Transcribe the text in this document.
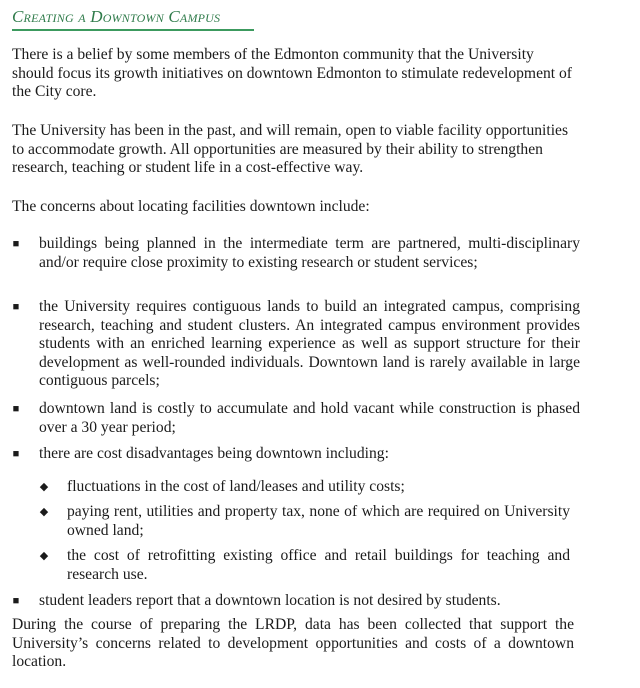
Creating a Downtown Campus

There is a belief by some members of the Edmonton community that the University should focus its growth initiatives on downtown Edmonton to stimulate redevelopment of the City core.

The University has been in the past, and will remain, open to viable facility opportunities to accommodate growth. All opportunities are measured by their ability to strengthen research, teaching or student life in a cost-effective way.

The concerns about locating facilities downtown include:

■ buildings being planned in the intermediate term are partnered, multi-disciplinary and/or require close proximity to existing research or student services;
■ the University requires contiguous lands to build an integrated campus, comprising research, teaching and student clusters. An integrated campus environment provides students with an enriched learning experience as well as support structure for their development as well-rounded individuals. Downtown land is rarely available in large contiguous parcels;
■ downtown land is costly to accumulate and hold vacant while construction is phased over a 30 year period;
■ there are cost disadvantages being downtown including:
◆ fluctuations in the cost of land/leases and utility costs;
◆ paying rent, utilities and property tax, none of which are required on University owned land;
◆ the cost of retrofitting existing office and retail buildings for teaching and research use.
■ student leaders report that a downtown location is not desired by students.

During the course of preparing the LRDP, data has been collected that support the University’s concerns related to development opportunities and costs of a downtown location.
